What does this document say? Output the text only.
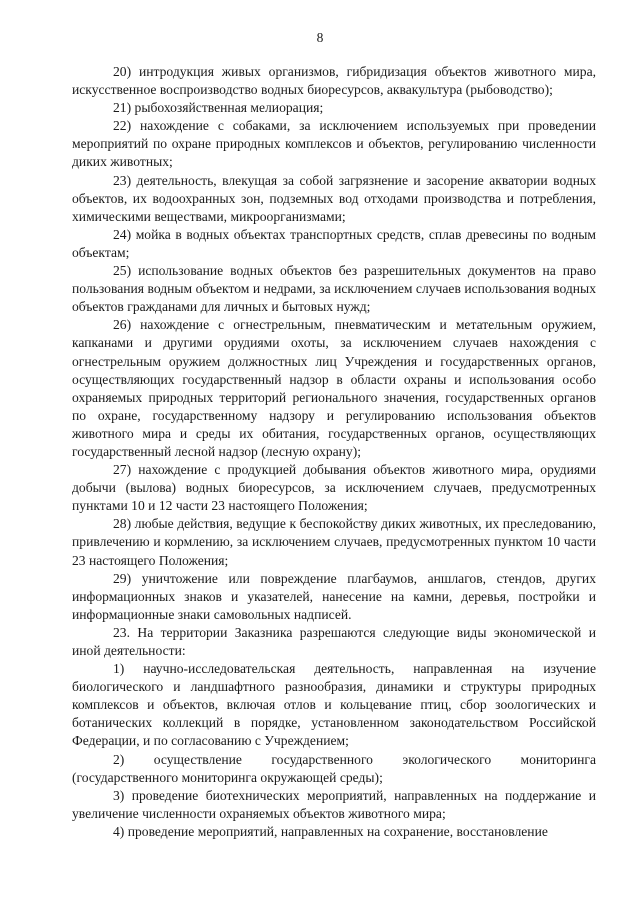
8

20) интродукция живых организмов, гибридизация объектов животного мира, искусственное воспроизводство водных биоресурсов, аквакультура (рыбоводство);

21) рыбохозяйственная мелиорация;

22) нахождение с собаками, за исключением используемых при проведении мероприятий по охране природных комплексов и объектов, регулированию численности диких животных;

23) деятельность, влекущая за собой загрязнение и засорение акватории водных объектов, их водоохранных зон, подземных вод отходами производства и потребления, химическими веществами, микроорганизмами;

24) мойка в водных объектах транспортных средств, сплав древесины по водным объектам;

25) использование водных объектов без разрешительных документов на право пользования водным объектом и недрами, за исключением случаев использования водных объектов гражданами для личных и бытовых нужд;

26) нахождение с огнестрельным, пневматическим и метательным оружием, капканами и другими орудиями охоты, за исключением случаев нахождения с огнестрельным оружием должностных лиц Учреждения и государственных органов, осуществляющих государственный надзор в области охраны и использования особо охраняемых природных территорий регионального значения, государственных органов по охране, государственному надзору и регулированию использования объектов животного мира и среды их обитания, государственных органов, осуществляющих государственный лесной надзор (лесную охрану);

27) нахождение с продукцией добывания объектов животного мира, орудиями добычи (вылова) водных биоресурсов, за исключением случаев, предусмотренных пунктами 10 и 12 части 23 настоящего Положения;

28) любые действия, ведущие к беспокойству диких животных, их преследованию, привлечению и кормлению, за исключением случаев, предусмотренных пунктом 10 части 23 настоящего Положения;

29) уничтожение или повреждение плагбаумов, аншлагов, стендов, других информационных знаков и указателей, нанесение на камни, деревья, постройки и информационные знаки самовольных надписей.

23. На территории Заказника разрешаются следующие виды экономической и иной деятельности:

1) научно-исследовательская деятельность, направленная на изучение биологического и ландшафтного разнообразия, динамики и структуры природных комплексов и объектов, включая отлов и кольцевание птиц, сбор зоологических и ботанических коллекций в порядке, установленном законодательством Российской Федерации, и по согласованию с Учреждением;

2) осуществление государственного экологического мониторинга (государственного мониторинга окружающей среды);

3) проведение биотехнических мероприятий, направленных на поддержание и увеличение численности охраняемых объектов животного мира;

4) проведение мероприятий, направленных на сохранение, восстановление
